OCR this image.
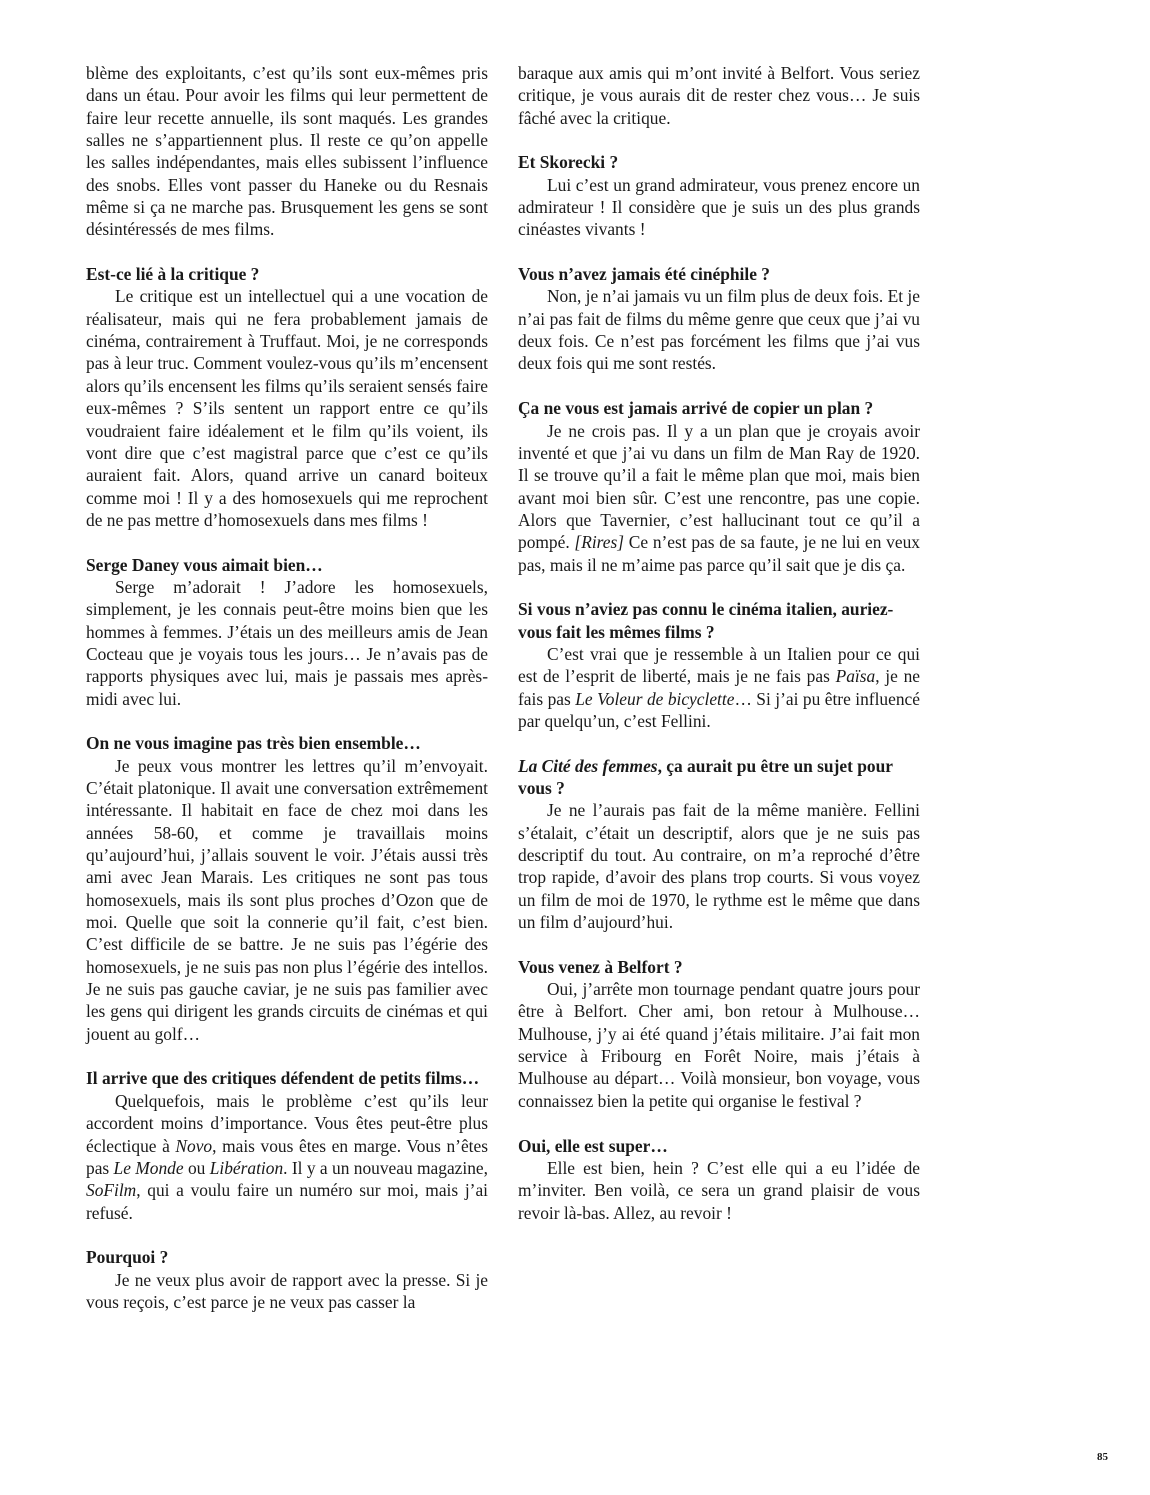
blème des exploitants, c’est qu’ils sont eux-mêmes pris dans un étau. Pour avoir les films qui leur permettent de faire leur recette annuelle, ils sont maqués. Les grandes salles ne s’appartiennent plus. Il reste ce qu’on appelle les salles indépendantes, mais elles subissent l’influence des snobs. Elles vont passer du Haneke ou du Resnais même si ça ne marche pas. Brusquement les gens se sont désintéressés de mes films.

Est-ce lié à la critique ?

Le critique est un intellectuel qui a une vocation de réalisateur, mais qui ne fera probablement jamais de cinéma, contrairement à Truffaut. Moi, je ne corresponds pas à leur truc. Comment voulez-vous qu’ils m’encensent alors qu’ils encensent les films qu’ils seraient sensés faire eux-mêmes ? S’ils sentent un rapport entre ce qu’ils voudraient faire idéalement et le film qu’ils voient, ils vont dire que c’est magistral parce que c’est ce qu’ils auraient fait. Alors, quand arrive un canard boiteux comme moi ! Il y a des homosexuels qui me reprochent de ne pas mettre d’homosexuels dans mes films !

Serge Daney vous aimait bien…

Serge m’adorait ! J’adore les homosexuels, simplement, je les connais peut-être moins bien que les hommes à femmes. J’étais un des meilleurs amis de Jean Cocteau que je voyais tous les jours… Je n’avais pas de rapports physiques avec lui, mais je passais mes après-midi avec lui.

On ne vous imagine pas très bien ensemble…

Je peux vous montrer les lettres qu’il m’envoyait. C’était platonique. Il avait une conversation extrêmement intéressante. Il habitait en face de chez moi dans les années 58-60, et comme je travaillais moins qu’aujourd’hui, j’allais souvent le voir. J’étais aussi très ami avec Jean Marais. Les critiques ne sont pas tous homosexuels, mais ils sont plus proches d’Ozon que de moi. Quelle que soit la connerie qu’il fait, c’est bien. C’est difficile de se battre. Je ne suis pas l’égérie des homosexuels, je ne suis pas non plus l’égérie des intellos. Je ne suis pas gauche caviar, je ne suis pas familier avec les gens qui dirigent les grands circuits de cinémas et qui jouent au golf…

Il arrive que des critiques défendent de petits films…

Quelquefois, mais le problème c’est qu’ils leur accordent moins d’importance. Vous êtes peut-être plus éclectique à Novo, mais vous êtes en marge. Vous n’êtes pas Le Monde ou Libération. Il y a un nouveau magazine, SoFilm, qui a voulu faire un numéro sur moi, mais j’ai refusé.

Pourquoi ?

Je ne veux plus avoir de rapport avec la presse. Si je vous reçois, c’est parce je ne veux pas casser la

baraque aux amis qui m’ont invité à Belfort. Vous seriez critique, je vous aurais dit de rester chez vous… Je suis fâché avec la critique.

Et Skorecki ?

Lui c’est un grand admirateur, vous prenez encore un admirateur ! Il considère que je suis un des plus grands cinéastes vivants !

Vous n’avez jamais été cinéphile ?

Non, je n’ai jamais vu un film plus de deux fois. Et je n’ai pas fait de films du même genre que ceux que j’ai vu deux fois. Ce n’est pas forcément les films que j’ai vus deux fois qui me sont restés.

Ça ne vous est jamais arrivé de copier un plan ?

Je ne crois pas. Il y a un plan que je croyais avoir inventé et que j’ai vu dans un film de Man Ray de 1920. Il se trouve qu’il a fait le même plan que moi, mais bien avant moi bien sûr. C’est une rencontre, pas une copie. Alors que Tavernier, c’est hallucinant tout ce qu’il a pompé. [Rires] Ce n’est pas de sa faute, je ne lui en veux pas, mais il ne m’aime pas parce qu’il sait que je dis ça.

Si vous n’aviez pas connu le cinéma italien, auriez-vous fait les mêmes films ?

C’est vrai que je ressemble à un Italien pour ce qui est de l’esprit de liberté, mais je ne fais pas Païsa, je ne fais pas Le Voleur de bicyclette… Si j’ai pu être influencé par quelqu’un, c’est Fellini.

La Cité des femmes, ça aurait pu être un sujet pour vous ?

Je ne l’aurais pas fait de la même manière. Fellini s’étalait, c’était un descriptif, alors que je ne suis pas descriptif du tout. Au contraire, on m’a reproché d’être trop rapide, d’avoir des plans trop courts. Si vous voyez un film de moi de 1970, le rythme est le même que dans un film d’aujourd’hui.

Vous venez à Belfort ?

Oui, j’arrête mon tournage pendant quatre jours pour être à Belfort. Cher ami, bon retour à Mulhouse… Mulhouse, j’y ai été quand j’étais militaire. J’ai fait mon service à Fribourg en Forêt Noire, mais j’étais à Mulhouse au départ… Voilà monsieur, bon voyage, vous connaissez bien la petite qui organise le festival ?

Oui, elle est super…

Elle est bien, hein ? C’est elle qui a eu l’idée de m’inviter. Ben voilà, ce sera un grand plaisir de vous revoir là-bas. Allez, au revoir !

85
